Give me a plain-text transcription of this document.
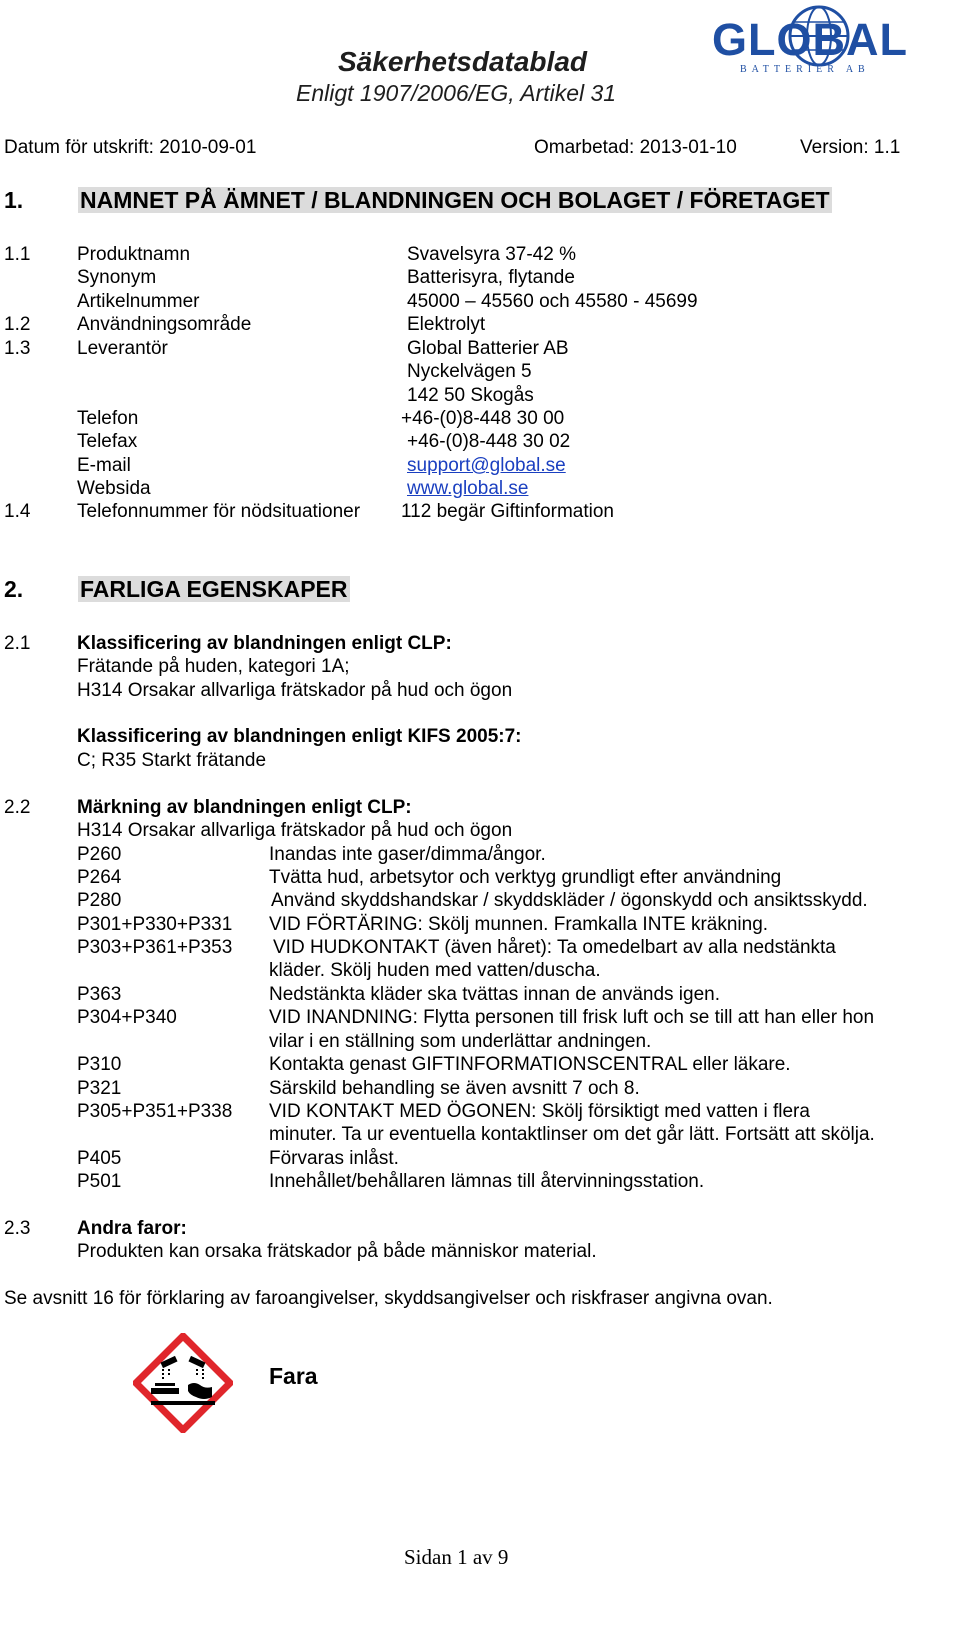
Säkerhetsdatablad
Enligt 1907/2006/EG, Artikel 31
GLOBAL
BATTERIER AB
Datum för utskrift: 2010-09-01	Omarbetad: 2013-01-10	Version: 1.1
1. NAMNET PÅ ÄMNET / BLANDNINGEN OCH BOLAGET / FÖRETAGET
1.1 Produktnamn	Svavelsyra 37-42 %
Synonym	Batterisyra, flytande
Artikelnummer	45000 – 45560 och 45580 - 45699
1.2 Användningsområde	Elektrolyt
1.3 Leverantör	Global Batterier AB
Nyckelvägen 5
142 50 Skogås
Telefon	+46-(0)8-448 30 00
Telefax	+46-(0)8-448 30 02
E-mail	support@global.se
Websida	www.global.se
1.4 Telefonnummer för nödsituationer 112 begär Giftinformation
2. FARLIGA EGENSKAPER
2.1 Klassificering av blandningen enligt CLP:
Frätande på huden, kategori 1A;
H314 Orsakar allvarliga frätskador på hud och ögon
Klassificering av blandningen enligt KIFS 2005:7:
C; R35 Starkt frätande
2.2 Märkning av blandningen enligt CLP:
H314 Orsakar allvarliga frätskador på hud och ögon
P260	Inandas inte gaser/dimma/ångor.
P264	Tvätta hud, arbetsytor och verktyg grundligt efter användning
P280	Använd skyddshandskar / skyddskläder / ögonskydd och ansiktsskydd.
P301+P330+P331 VID FÖRTÄRING: Skölj munnen. Framkalla INTE kräkning.
P303+P361+P353 VID HUDKONTAKT (även håret): Ta omedelbart av alla nedstänkta
kläder. Skölj huden med vatten/duscha.
P363	Nedstänkta kläder ska tvättas innan de används igen.
P304+P340	VID INANDNING: Flytta personen till frisk luft och se till att han eller hon
vilar i en ställning som underlättar andningen.
P310	Kontakta genast GIFTINFORMATIONSCENTRAL eller läkare.
P321	Särskild behandling se även avsnitt 7 och 8.
P305+P351+P338 VID KONTAKT MED ÖGONEN: Skölj försiktigt med vatten i flera
minuter. Ta ur eventuella kontaktlinser om det går lätt. Fortsätt att skölja.
P405	Förvaras inlåst.
P501	Innehållet/behållaren lämnas till återvinningsstation.
2.3 Andra faror:
Produkten kan orsaka frätskador på både människor material.
Se avsnitt 16 för förklaring av faroangivelser, skyddsangivelser och riskfraser angivna ovan.
Fara
Sidan 1 av 9
